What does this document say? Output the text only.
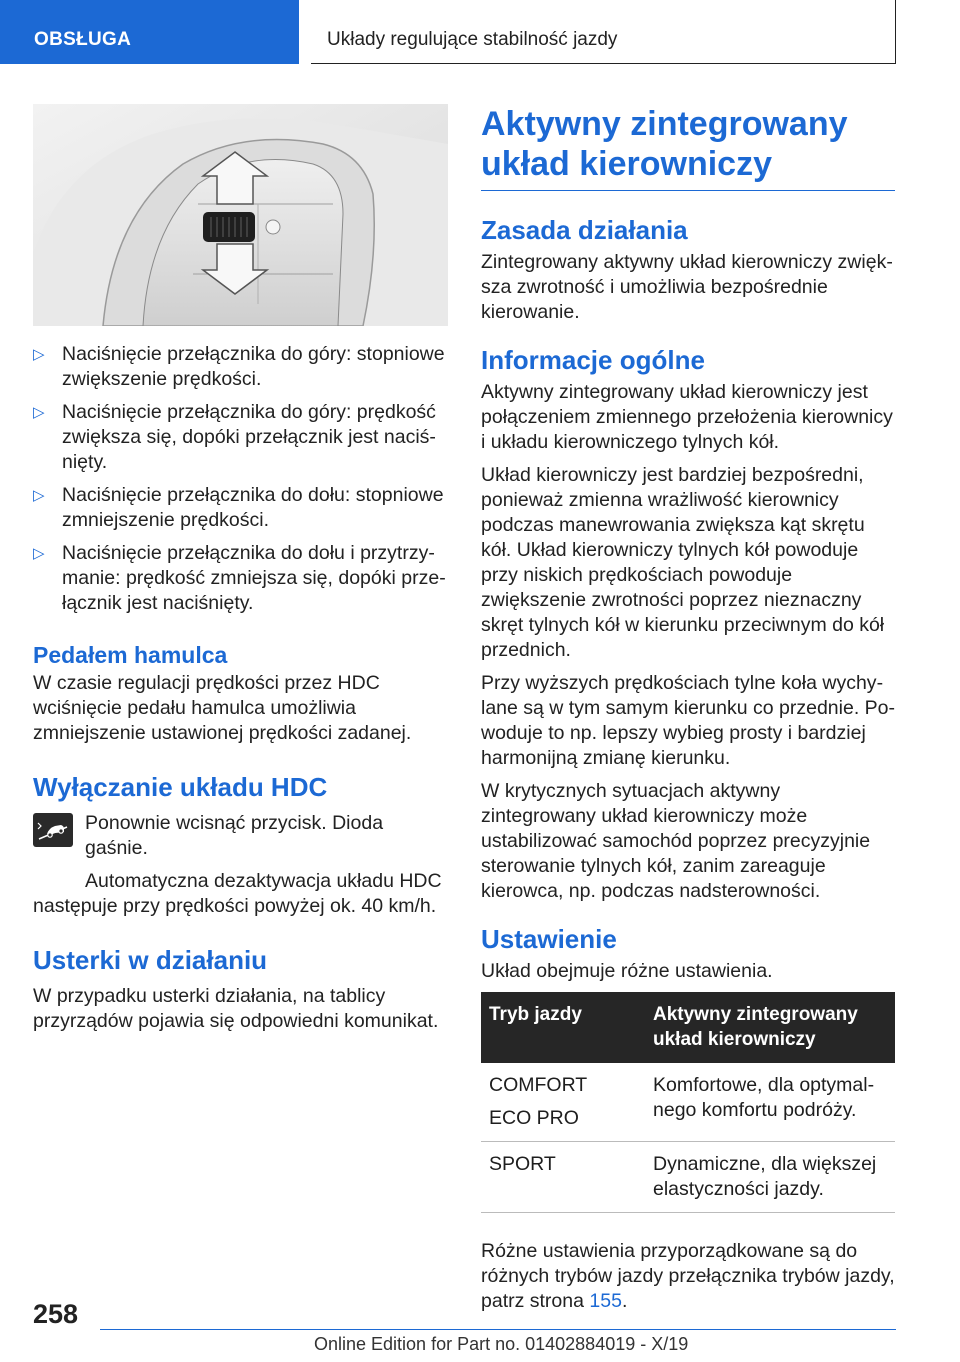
OBSŁUGA	Układy regulujące stabilność jazdy
▷ Naciśnięcie przełącznika do góry: stopniowe zwiększenie prędkości.
▷ Naciśnięcie przełącznika do góry: prędkość zwiększa się, dopóki przełącznik jest naciśnięty.
▷ Naciśnięcie przełącznika do dołu: stopniowe zmniejszenie prędkości.
▷ Naciśnięcie przełącznika do dołu i przytrzymanie: prędkość zmniejsza się, dopóki przełącznik jest naciśnięty.
Pedałem hamulca

W czasie regulacji prędkości przez HDC wciśnięcie pedału hamulca umożliwia zmniejszenie ustawionej prędkości zadanej.

Wyłączanie układu HDC

Ponownie wcisnąć przycisk. Dioda gaśnie.

Automatyczna dezaktywacja układu HDC następuje przy prędkości powyżej ok. 40 km/h.

Usterki w działaniu

W przypadku usterki działania, na tablicy przyrządów pojawia się odpowiedni komunikat.

Aktywny zintegrowany układ kierowniczy
Zasada działania

Zintegrowany aktywny układ kierowniczy zwiększa zwrotność i umożliwia bezpośrednie kierowanie.

Informacje ogólne

Aktywny zintegrowany układ kierowniczy jest połączeniem zmiennego przełożenia kierownicy i układu kierowniczego tylnych kół.

Układ kierowniczy jest bardziej bezpośredni, ponieważ zmienna wrażliwość kierownicy podczas manewrowania zwiększa kąt skrętu kół. Układ kierowniczy tylnych kół powoduje przy niskich prędkościach powoduje zwiększenie zwrotności poprzez nieznaczny skręt tylnych kół w kierunku przeciwnym do kół przednich.

Przy wyższych prędkościach tylne koła wychylane są w tym samym kierunku co przednie. Powoduje to np. lepszy wybieg prosty i bardziej harmonijną zmianę kierunku.

W krytycznych sytuacjach aktywny zintegrowany układ kierowniczy może ustabilizować samochód poprzez precyzyjnie sterowanie tylnych kół, zanim zareaguje kierowca, np. podczas nadsterowności.

Ustawienie

Układ obejmuje różne ustawienia.

Tryb jazdy	Aktywny zintegrowany układ kierowniczy

COMFORT
ECO PRO	Komfortowe, dla optymalnego komfortu podróży.

SPORT	Dynamiczne, dla większej elastyczności jazdy.

Różne ustawienia przyporządkowane są do różnych trybów jazdy przełącznika trybów jazdy, patrz strona 155.

258
Online Edition for Part no. 01402884019 - X/19
